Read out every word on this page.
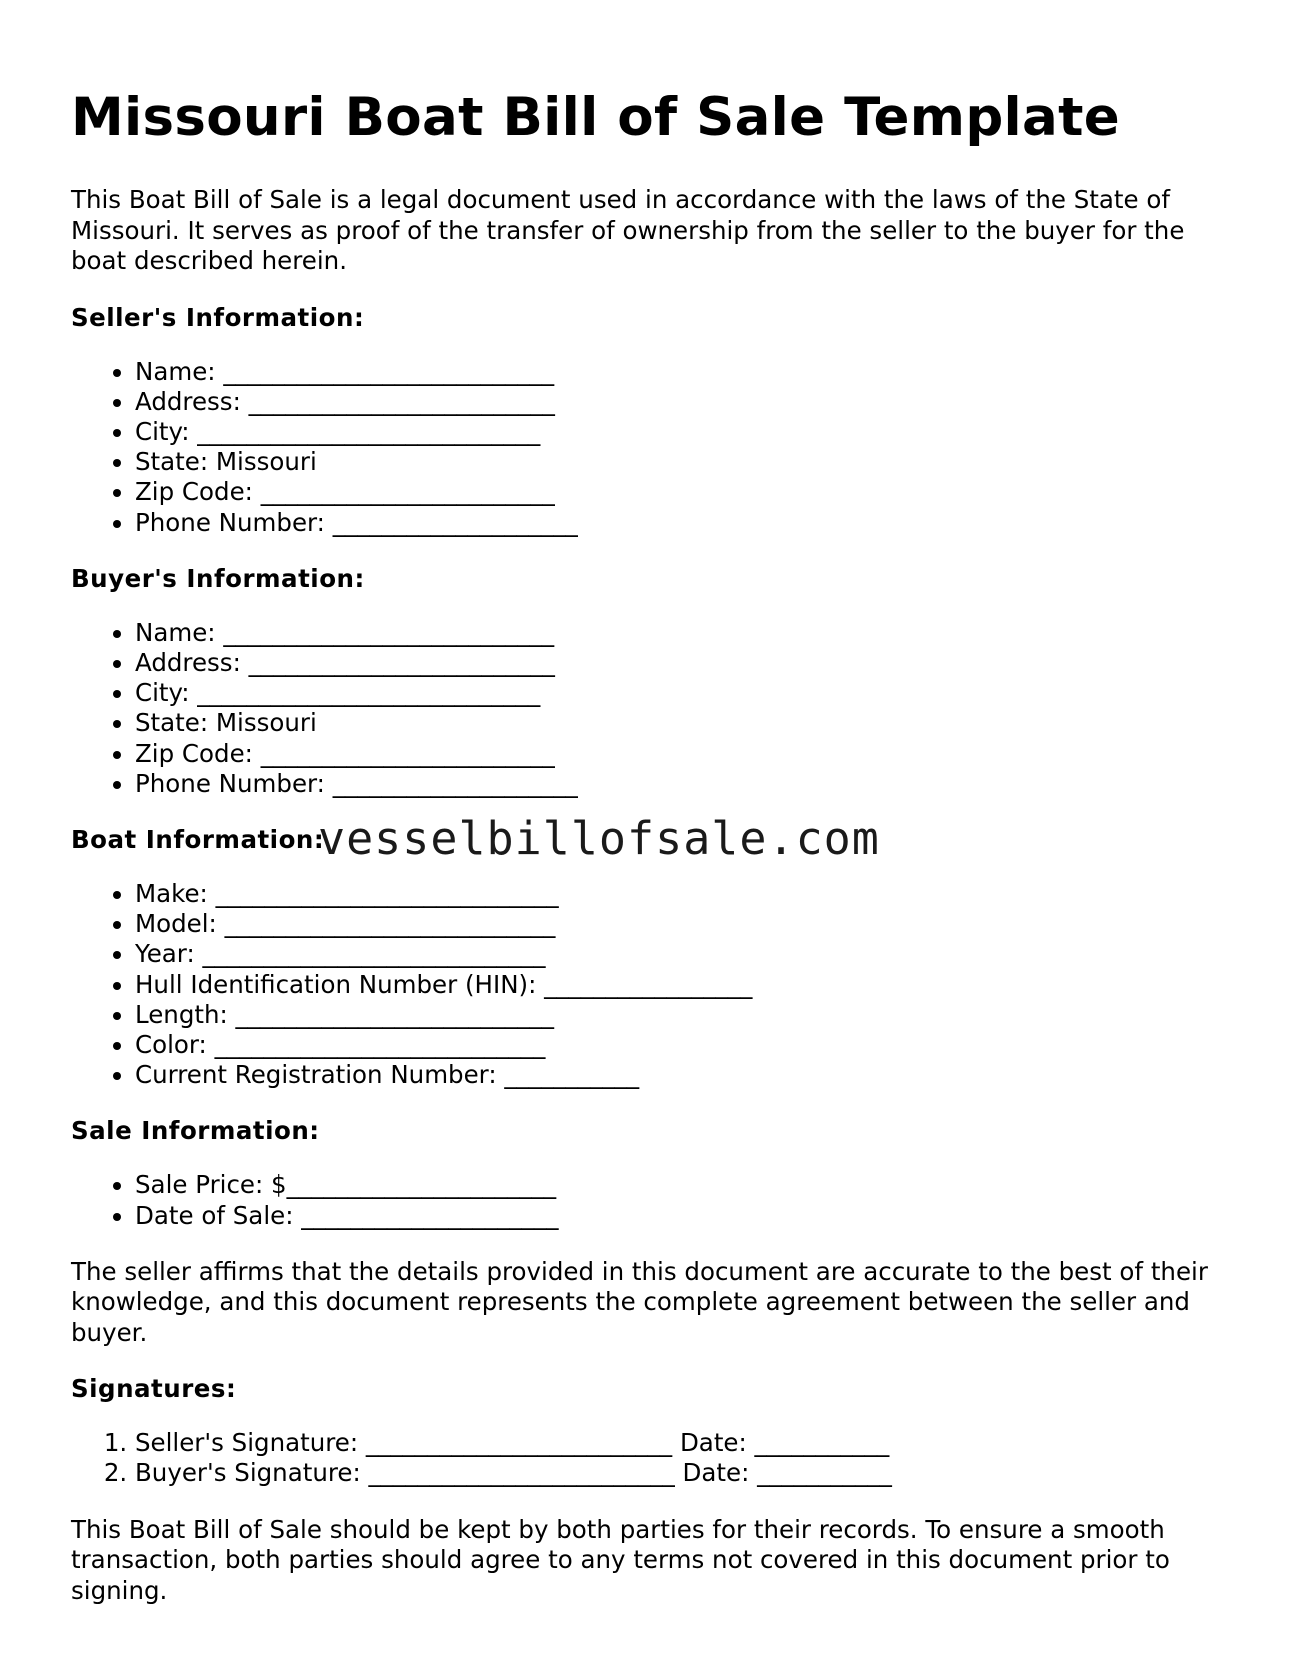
Missouri Boat Bill of Sale Template

This Boat Bill of Sale is a legal document used in accordance with the laws of the State of Missouri. It serves as proof of the transfer of ownership from the seller to the buyer for the boat described herein.

Seller's Information:
• Name: ___________________________
• Address: _________________________
• City: ____________________________
• State: Missouri
• Zip Code: ________________________
• Phone Number: ____________________
Buyer's Information:
• Name: ___________________________
• Address: _________________________
• City: ____________________________
• State: Missouri
• Zip Code: ________________________
• Phone Number: ____________________
Boat Information:
vesselbillofsale.com
• Make: ____________________________
• Model: ___________________________
• Year: ____________________________
• Hull Identification Number (HIN): _________________
• Length: __________________________
• Color: ___________________________
• Current Registration Number: ___________
Sale Information:
• Sale Price: $______________________
• Date of Sale: _____________________

The seller affirms that the details provided in this document are accurate to the best of their knowledge, and this document represents the complete agreement between the seller and buyer.

Signatures:
1. Seller's Signature: _________________________ Date: ___________
2. Buyer's Signature: _________________________ Date: ___________

This Boat Bill of Sale should be kept by both parties for their records. To ensure a smooth transaction, both parties should agree to any terms not covered in this document prior to signing.
